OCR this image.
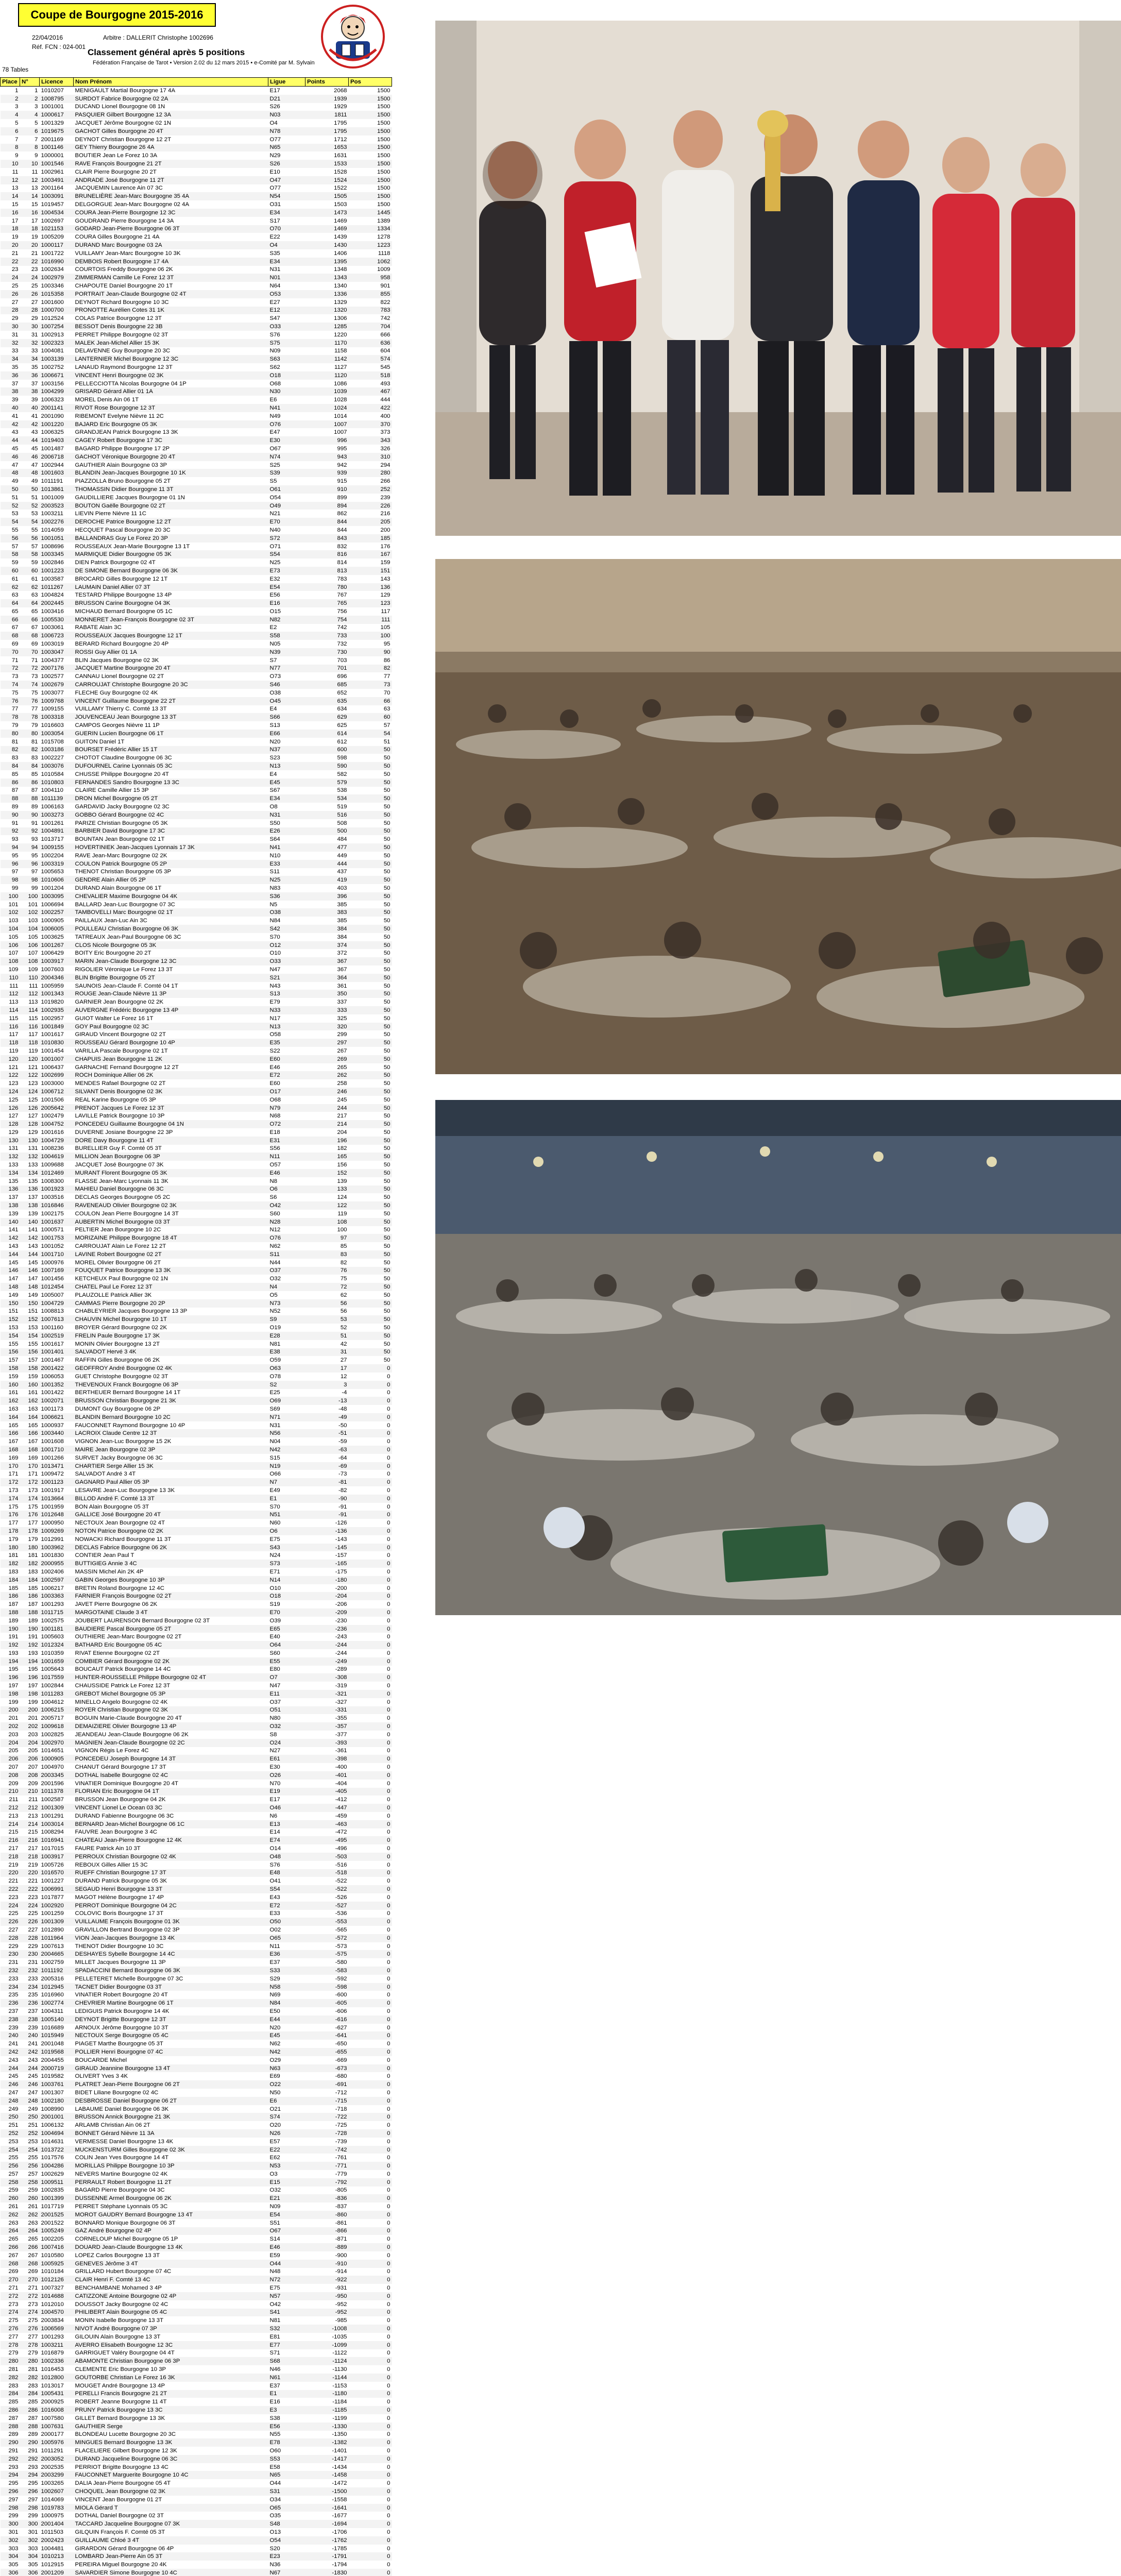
Coupe de Bourgogne 2015-2016
22/04/2016	Arbitre : DALLERIT Christophe 1002696
Réf. FCN : 024-001
78 Tables
Classement général après 5 positions
Fédération Française de Tarot • Version 2.02 du 12 mars 2015 • e-Comité par M. Sylvain
Place	N°	Licence	Nom Prénom	Ligue	Points	Pos
1	1	1010207	MENIGAULT Martial Bourgogne 17 4A	E17	2068	1500
2	2	1008795	SURDOT Fabrice Bourgogne 02 2A	D21	1939	1500
3	3	1001001	DUCAND Lionel Bourgogne 08 1N	S26	1929	1500
4	4	1000617	PASQUIER Gilbert Bourgogne 12 3A	N03	1811	1500
5	5	1001329	JACQUET Jérôme Bourgogne 02 1N	O4	1795	1500
6	6	1019675	GACHOT Gilles Bourgogne 20 4T	N78	1795	1500
7	7	2001169	DEYNOT Christian Bourgogne 12 2T	O77	1712	1500
8	8	1001146	GEY Thierry Bourgogne 26 4A	N65	1653	1500
9	9	1000001	BOUTIER Jean Le Forez 10 3A	N29	1631	1500
10	10	1001546	RAVE François Bourgogne 21 2T	S26	1533	1500
11	11	1002961	CLAIR Pierre Bourgogne 20 2T	E10	1528	1500
12	12	1003491	ANDRADE José Bourgogne 11 2T	O47	1524	1500
13	13	2001164	JACQUEMIN Laurence Ain 07 3C	O77	1522	1500
14	14	1003091	BRUNELIÈRE Jean-Marc Bourgogne 35 4A	N54	1505	1500
15	15	1019457	DELGORGUE Jean-Marc Bourgogne 02 4A	O31	1503	1500
16	16	1004534	COURA Jean-Pierre Bourgogne 12 3C	E34	1473	1445
17	17	1002697	GOUDRAND Pierre Bourgogne 14 3A	S17	1469	1389
18	18	1021153	GODARD Jean-Pierre Bourgogne 06 3T	O70	1469	1334
19	19	1005209	COURA Gilles Bourgogne 21 4A	E22	1439	1278
20	20	1000117	DURAND Marc Bourgogne 03 2A	O4	1430	1223
21	21	1001722	VUILLAMY Jean-Marc Bourgogne 10 3K	S35	1406	1118
22	22	1016990	DEMBOIS Robert Bourgogne 17 4A	E34	1395	1062
23	23	1002634	COURTOIS Freddy Bourgogne 06 2K	N31	1348	1009
24	24	1002979	ZIMMERMAN Camille Le Forez 12 3T	N01	1343	958
25	25	1003346	CHAPOUTE Daniel Bourgogne 20 1T	N64	1340	901
26	26	1015358	PORTRAIT Jean-Claude Bourgogne 02 4T	O53	1336	855
27	27	1001600	DEYNOT Richard Bourgogne 10 3C	E27	1329	822
28	28	1000700	PRONOTTE Aurélien Cotes 31 1K	E12	1320	783
29	29	1012524	COLAS Patrice Bourgogne 12 3T	S47	1306	742
30	30	1007254	BESSOT Denis Bourgogne 22 3B	O33	1285	704
31	31	1002913	PERRET Philippe Bourgogne 02 3T	S76	1220	666
32	32	1002323	MALEK Jean-Michel Allier 15 3K	S75	1170	636
33	33	1004081	DELAVENNE Guy Bourgogne 20 3C	N09	1158	604
34	34	1003139	LANTERNIER Michel Bourgogne 12 3C	S63	1142	574
35	35	1002752	LANAUD Raymond Bourgogne 12 3T	S62	1127	545
36	36	1006671	VINCENT Henri Bourgogne 02 3K	O18	1120	518
37	37	1003156	PELLECCIOTTA Nicolas Bourgogne 04 1P	O68	1086	493
38	38	1004299	GRISARD Gérard Allier 01 1A	N30	1039	467
39	39	1006323	MOREL Denis Ain 06 1T	E6	1028	444
40	40	2001141	RIVOT Rose Bourgogne 12 3T	N41	1024	422
41	41	2001090	RIBEMONT Evelyne Nièvre 11 2C	N49	1014	400
42	42	1001220	BAJARD Eric Bourgogne 05 3K	O76	1007	370
43	43	1006325	GRANDJEAN Patrick Bourgogne 13 3K	E47	1007	373
44	44	1019403	CAGEY Robert Bourgogne 17 3C	E30	996	343
45	45	1001487	BAGARD Philippe Bourgogne 17 2P	O67	995	326
46	46	2006718	GACHOT Véronique Bourgogne 20 4T	N74	943	310
47	47	1002944	GAUTHIER Alain Bourgogne 03 3P	S25	942	294
48	48	1001603	BLANDIN Jean-Jacques Bourgogne 10 1K	S39	939	280
49	49	1011191	PIAZZOLLA Bruno Bourgogne 05 2T	S5	915	266
50	50	1013861	THOMASSIN Didier Bourgogne 11 3T	O61	910	252
51	51	1001009	GAUDILLIERE Jacques Bourgogne 01 1N	O54	899	239
52	52	2003523	BOUTON Gaëlle Bourgogne 02 2T	O49	894	226
53	53	1003211	LIEVIN Pierre Nièvre 11 1C	N21	862	216
54	54	1002276	DEROCHE Patrice Bourgogne 12 2T	E70	844	205
55	55	1014059	HECQUET Pascal Bourgogne 20 3C	N40	844	200
56	56	1001051	BALLANDRAS Guy Le Forez 20 3P	S72	843	185
57	57	1008696	ROUSSEAUX Jean-Marie Bourgogne 13 1T	O71	832	176
58	58	1003345	MARMIQUE Didier Bourgogne 05 3K	S54	816	167
59	59	1002846	DIEN Patrick Bourgogne 02 4T	N25	814	159
60	60	1001223	DE SIMONE Bernard Bourgogne 06 3K	E73	813	151
61	61	1003587	BROCARD Gilles Bourgogne 12 1T	E32	783	143
62	62	1011267	LAUMAIN Daniel Allier 07 3T	E54	780	136
63	63	1004824	TESTARD Philippe Bourgogne 13 4P	E56	767	129
64	64	2002445	BRUSSON Carine Bourgogne 04 3K	E16	765	123
65	65	1003416	MICHAUD Bernard Bourgogne 05 1C	O15	756	117
66	66	1005530	MONNERET Jean-François Bourgogne 02 3T	N82	754	111
67	67	1003061	RABATE Alain 3C	E2	742	105
68	68	1006723	ROUSSEAUX Jacques Bourgogne 12 1T	S58	733	100
69	69	1003019	BERARD Richard Bourgogne 20 4P	N05	732	95
70	70	1003047	ROSSI Guy Allier 01 1A	N39	730	90
71	71	1004377	BLIN Jacques Bourgogne 02 3K	S7	703	86
72	72	2007176	JACQUET Martine Bourgogne 20 4T	N77	701	82
73	73	1002577	CANNAU Lionel Bourgogne 02 2T	O73	696	77
74	74	1002679	CARROUJAT Christophe Bourgogne 20 3C	S46	685	73
75	75	1003077	FLECHE Guy Bourgogne 02 4K	O38	652	70
76	76	1009768	VINCENT Guillaume Bourgogne 22 2T	O45	635	66
77	77	1009155	VUILLAMY Thierry C. Comté 13 3T	E4	634	63
78	78	1003318	JOUVENCEAU Jean Bourgogne 13 3T	S66	629	60
79	79	1016603	CAMPOS Georges Nièvre 11 1P	S13	625	57
80	80	1003054	GUERIN Lucien Bourgogne 06 1T	E66	614	54
81	81	1015708	GUITON Daniel 1T	N20	612	51
82	82	1003186	BOURSET Frédéric Allier 15 1T	N37	600	50
83	83	1002227	CHOTOT Claudine Bourgogne 06 3C	S23	598	50
84	84	1003076	DUFOURNEL Carine Lyonnais 05 3C	N13	590	50
85	85	1010584	CHUSSE Philippe Bourgogne 20 4T	E4	582	50
86	86	1010803	FERNANDES Sandro Bourgogne 13 3C	E45	579	50
87	87	1004110	CLAIRE Camille Allier 15 3P	S67	538	50
88	88	1011139	DRON Michel Bourgogne 05 2T	E34	534	50
89	89	1006163	GARDAVID Jacky Bourgogne 02 3C	O8	519	50
90	90	1003273	GOBBO Gérard Bourgogne 02 4C	N31	516	50
91	91	1001261	PARIZE Christian Bourgogne 05 3K	S50	508	50
92	92	1004891	BARBIER David Bourgogne 17 3C	E26	500	50
93	93	1013717	BOUNTAN Jean Bourgogne 02 1T	S64	484	50
94	94	1009155	HOVERTINIEK Jean-Jacques Lyonnais 17 3K	N41	477	50
95	95	1002204	RAVE Jean-Marc Bourgogne 02 2K	N10	449	50
96	96	1003319	COULON Patrick Bourgogne 05 2P	E33	444	50
97	97	1005653	THENOT Christian Bourgogne 05 3P	S11	437	50
98	98	1010606	GENDRE Alain Allier 05 2P	N25	419	50
99	99	1001204	DURAND Alain Bourgogne 06 1T	N83	403	50
100	100	1003095	CHEVALIER Maxime Bourgogne 04 4K	S36	396	50
101	101	1006694	BALLARD Jean-Luc Bourgogne 07 3C	N5	385	50
102	102	1002257	TAMBOVELLI Marc Bourgogne 02 1T	O38	383	50
103	103	1000905	PAILLAUX Jean-Luc Ain 3C	N84	385	50
104	104	1006005	POULLEAU Christian Bourgogne 06 3K	S42	384	50
105	105	1003625	TATREAUX Jean-Paul Bourgogne 06 3C	S70	384	50
106	106	1001267	CLOS Nicole Bourgogne 05 3K	O12	374	50
107	107	1006429	BOITY Eric Bourgogne 20 2T	O10	372	50
108	108	1003917	MARIN Jean-Claude Bourgogne 12 3C	O33	367	50
109	109	1007603	RIGOLIER Véronique Le Forez 13 3T	N47	367	50
110	110	2004346	BLIN Brigitte Bourgogne 05 2T	S21	364	50
111	111	1005959	SAUNOIS Jean-Claude F. Comté 04 1T	N43	361	50
112	112	1001343	ROUGE Jean-Claude Nièvre 11 3P	S13	350	50
113	113	1019820	GARNIER Jean Bourgogne 02 2K	E79	337	50
114	114	1002935	AUVERGNE Frédéric Bourgogne 13 4P	N33	333	50
115	115	1002957	GUIOT Walter Le Forez 16 1T	N17	325	50
116	116	1001849	GOY Paul Bourgogne 02 3C	N13	320	50
117	117	1001617	GIRAUD Vincent Bourgogne 02 2T	O58	299	50
118	118	1010830	ROUSSEAU Gérard Bourgogne 10 4P	E35	297	50
119	119	1001454	VARILLA Pascale Bourgogne 02 1T	S22	267	50
120	120	1001007	CHAPUIS Jean Bourgogne 11 2K	E60	269	50
121	121	1006437	GARNACHE Fernand Bourgogne 12 2T	E46	265	50
122	122	1002699	ROCH Dominique Allier 06 2K	E72	262	50
123	123	1003000	MENDES Rafael Bourgogne 02 2T	E60	258	50
124	124	1006712	SILVANT Denis Bourgogne 02 3K	O17	246	50
125	125	1001506	REAL Karine Bourgogne 05 3P	O68	245	50
126	126	2005642	PRENOT Jacques Le Forez 12 3T	N79	244	50
127	127	1002479	LAVILLE Patrick Bourgogne 10 3P	N68	217	50
128	128	1004752	PONCEDEU Guillaume Bourgogne 04 1N	O72	214	50
129	129	1001616	DUVERNE Josiane Bourgogne 22 3P	E18	204	50
130	130	1004729	DORE Davy Bourgogne 11 4T	E31	196	50
131	131	1008236	BURELLIER Guy F. Comté 05 3T	S56	182	50
132	132	1004619	MILLION Jean Bourgogne 06 3P	N11	165	50
133	133	1009688	JACQUET José Bourgogne 07 3K	O57	156	50
134	134	1012469	MURANT Florent Bourgogne 05 3K	E46	152	50
135	135	1008300	FLASSE Jean-Marc Lyonnais 11 3K	N8	139	50
136	136	1001923	MAHIEU Daniel Bourgogne 06 3C	O6	133	50
137	137	1003516	DECLAS Georges Bourgogne 05 2C	S6	124	50
138	138	1016846	RAVENEAUD Olivier Bourgogne 02 3K	O42	122	50
139	139	1002175	COULON Jean Pierre Bourgogne 14 3T	S60	119	50
140	140	1001637	AUBERTIN Michel Bourgogne 03 3T	N28	108	50
141	141	1000571	PELTIER Jean Bourgogne 10 2C	N12	100	50
142	142	1001753	MORIZAINE Philippe Bourgogne 18 4T	O76	97	50
143	143	1001052	CARROUJAT Alain Le Forez 12 2T	N62	85	50
144	144	1001710	LAVINE Robert Bourgogne 02 2T	S11	83	50
145	145	1000976	MOREL Olivier Bourgogne 06 2T	N44	82	50
146	146	1007169	FOUQUET Patrice Bourgogne 13 3K	O37	76	50
147	147	1001456	KETCHEUX Paul Bourgogne 02 1N	O32	75	50
148	148	1012454	CHATEL Paul Le Forez 12 3T	N4	72	50
149	149	1005007	PLAUZOLLE Patrick Allier 3K	O5	62	50
150	150	1004729	CAMMAS Pierre Bourgogne 20 2P	N73	56	50
151	151	1008813	CHABLEYRIER Jacques Bourgogne 13 3P	N52	56	50
152	152	1007613	CHAUVIN Michel Bourgogne 10 1T	S9	53	50
153	153	1001160	BROYER Gérard Bourgogne 02 2K	O19	52	50
154	154	1002519	FRELIN Paule Bourgogne 17 3K	E28	51	50
155	155	1001617	MONIN Olivier Bourgogne 13 2T	N81	42	50
156	156	1001401	SALVADOT Hervé 3 4K	E38	31	50
157	157	1001467	RAFFIN Gilles Bourgogne 06 2K	O59	27	50
158	158	2001422	GEOFFROY André Bourgogne 02 4K	O63	17	0
159	159	1006053	GUET Christophe Bourgogne 02 3T	O78	12	0
160	160	1001352	THEVENOUX Franck Bourgogne 06 3P	S2	3	0
161	161	1001422	BERTHEUER Bernard Bourgogne 14 1T	E25	-4	0
162	162	1002071	BRUSSON Christian Bourgogne 21 3K	O69	-13	0
163	163	1001173	DUMONT Guy Bourgogne 06 2P	S69	-48	0
164	164	1006621	BLANDIN Bernard Bourgogne 10 2C	N71	-49	0
165	165	1000937	FAUCONNET Raymond Bourgogne 10 4P	N31	-50	0
166	166	1003440	LACROIX Claude Centre 12 3T	N56	-51	0
167	167	1001608	VIGNON Jean-Luc Bourgogne 15 2K	N04	-59	0
168	168	1001710	MAIRE Jean Bourgogne 02 3P	N42	-63	0
169	169	1001266	SURVET Jacky Bourgogne 06 3C	S15	-64	0
170	170	1013471	CHARTIER Serge Allier 15 3K	N19	-69	0
171	171	1009472	SALVADOT André 3 4T	O66	-73	0
172	172	1001123	GAGNARD Paul Allier 05 3P	N7	-81	0
173	173	1001917	LESAVRE Jean-Luc Bourgogne 13 3K	E49	-82	0
174	174	1013664	BILLOD André F. Comté 13 3T	E1	-90	0
175	175	1001959	BON Alain Bourgogne 05 3T	S70	-91	0
176	176	1012648	GALLICE José Bourgogne 20 4T	N51	-91	0
177	177	1000950	NECTOUX Jean Bourgogne 02 4T	N60	-126	0
178	178	1009269	NOTON Patrice Bourgogne 02 2K	O6	-136	0
179	179	1012991	NOWACKI Richard Bourgogne 11 3T	E75	-143	0
180	180	1003962	DECLAS Fabrice Bourgogne 06 2K	S43	-145	0
181	181	1001830	CONTIER Jean Paul T	N24	-157	0
182	182	2000955	BUTTIGIEG Annie 3 4C	S73	-165	0
183	183	1002406	MASSIN Michel Ain 2K 4P	E71	-175	0
184	184	1002597	GABIN Georges Bourgogne 10 3P	N14	-180	0
185	185	1006217	BRETIN Roland Bourgogne 12 4C	O10	-200	0
186	186	1003363	FARNIER François Bourgogne 02 2T	O18	-204	0
187	187	1001293	JAVET Pierre Bourgogne 06 2K	S19	-206	0
188	188	1011715	MARGOTAINE Claude 3 4T	E70	-209	0
189	189	1002575	JOUBERT LAURENSON Bernard Bourgogne 02 3T	O39	-230	0
190	190	1001181	BAUDIERE Pascal Bourgogne 05 2T	E65	-236	0
191	191	1005603	OUTHIERE Jean-Marc Bourgogne 02 2T	E40	-243	0
192	192	1012324	BATHARD Eric Bourgogne 05 4C	O64	-244	0
193	193	1010359	RIVAT Etienne Bourgogne 02 2T	S60	-244	0
194	194	1001659	COMBIER Gérard Bourgogne 02 2K	E55	-249	0
195	195	1005643	BOUCAUT Patrick Bourgogne 14 4C	E80	-289	0
196	196	1017559	HUNTER-ROUSSELLE Philippe Bourgogne 02 4T	O7	-308	0
197	197	1002844	CHAUSSIDE Patrick Le Forez 12 3T	N47	-319	0
198	198	1011283	GREBOT Michel Bourgogne 05 3P	E11	-321	0
199	199	1004612	MINELLO Angelo Bourgogne 02 4K	O37	-327	0
200	200	1006215	ROYER Christian Bourgogne 02 3K	O51	-331	0
201	201	2005717	BOGUIN Marie-Claude Bourgogne 20 4T	N80	-355	0
202	202	1009618	DEMAIZIERE Olivier Bourgogne 13 4P	O32	-357	0
203	203	1002825	JEANDEAU Jean-Claude Bourgogne 06 2K	S8	-377	0
204	204	1002970	MAGNIEN Jean-Claude Bourgogne 02 2C	O24	-393	0
205	205	1014651	VIGNON Régis Le Forez 4C	N27	-361	0
206	206	1000905	PONCEDEU Joseph Bourgogne 14 3T	E61	-398	0
207	207	1004970	CHANUT Gérard Bourgogne 17 3T	E30	-400	0
208	208	2003345	DOTHAL Isabelle Bourgogne 02 4C	O26	-401	0
209	209	2001596	VINATIER Dominique Bourgogne 20 4T	N70	-404	0
210	210	1011378	FLORIAN Eric Bourgogne 04 1T	E19	-405	0
211	211	1002587	BRUSSON Jean Bourgogne 04 2K	E17	-412	0
212	212	1001309	VINCENT Lionel Le Ocean 03 3C	O46	-447	0
213	213	1001291	DURAND Fabienne Bourgogne 06 3C	N6	-459	0
214	214	1003014	BERNARD Jean-Michel Bourgogne 06 1C	E13	-463	0
215	215	1008294	FAUVRE Jean Bourgogne 3 4C	E14	-472	0
216	216	1016941	CHATEAU Jean-Pierre Bourgogne 12 4K	E74	-495	0
217	217	1017015	FAURE Patrick Ain 10 3T	O14	-496	0
218	218	1003917	PERROUX Christian Bourgogne 02 4K	O48	-503	0
219	219	1005726	REBOUX Gilles Allier 15 3C	S76	-516	0
220	220	1016570	RUEFF Christian Bourgogne 17 3T	E48	-518	0
221	221	1001227	DURAND Patrick Bourgogne 05 3K	O41	-522	0
222	222	1006991	SEGAUD Henri Bourgogne 13 3T	S54	-522	0
223	223	1017877	MAGOT Hélène Bourgogne 17 4P	E43	-526	0
224	224	1002920	PERROT Dominique Bourgogne 04 2C	E72	-527	0
225	225	1001259	COLOVIC Boris Bourgogne 17 3T	E33	-536	0
226	226	1001309	VUILLAUME François Bourgogne 01 3K	O50	-553	0
227	227	1012890	GRAVILLON Bertrand Bourgogne 02 3P	O02	-565	0
228	228	1011964	VION Jean-Jacques Bourgogne 13 4K	O65	-572	0
229	229	1007613	THENOT Didier Bourgogne 10 3C	N11	-573	0
230	230	2004665	DESHAYES Sybelle Bourgogne 14 4C	E36	-575	0
231	231	1002759	MILLET Jacques Bourgogne 11 3P	E37	-580	0
232	232	1011192	SPADACCINI Bernard Bourgogne 06 3K	S33	-583	0
233	233	2005316	PELLETERET Michelle Bourgogne 07 3C	S29	-592	0
234	234	1012945	TACNET Didier Bourgogne 03 3T	N58	-598	0
235	235	1016960	VINATIER Robert Bourgogne 20 4T	N69	-600	0
236	236	1002774	CHEVRIER Martine Bourgogne 06 1T	N84	-605	0
237	237	1004311	LEDIGUIS Patrick Bourgogne 14 4K	E50	-606	0
238	238	1005140	DEYNOT Brigitte Bourgogne 12 3T	E44	-616	0
239	239	1016689	ARNOUX Jérôme Bourgogne 10 3T	N20	-627	0
240	240	1015949	NECTOUX Serge Bourgogne 05 4C	E45	-641	0
241	241	2001048	PIAGET Marthe Bourgogne 05 3T	N62	-650	0
242	242	1019568	POLLIER Henri Bourgogne 07 4C	N42	-655	0
243	243	2004455	BOUCARDE Michel	O29	-669	0
244	244	2000719	GIRAUD Jeannine Bourgogne 13 4T	N63	-673	0
245	245	1019582	OLIVERT Yves 3 4K	E69	-680	0
246	246	1003761	PLATRET Jean-Pierre Bourgogne 06 2T	O22	-691	0
247	247	1001307	BIDET Liliane Bourgogne 02 4C	N50	-712	0
248	248	1002180	DESBROSSE Daniel Bourgogne 06 2T	E6	-715	0
249	249	1008990	LABAUME Daniel Bourgogne 06 3K	O21	-718	0
250	250	2001001	BRUSSON Annick Bourgogne 21 3K	S74	-722	0
251	251	1006132	ARLAMB Christian Ain 06 2T	O20	-725	0
252	252	1004694	BONNET Gérard Nièvre 11 3A	N26	-728	0
253	253	1014631	VERMESSE Daniel Bourgogne 13 4K	E57	-739	0
254	254	1013722	MUCKENSTURM Gilles Bourgogne 02 3K	E22	-742	0
255	255	1017576	COLIN Jean Yves Bourgogne 14 4T	E62	-761	0
256	256	1004286	MORILLAS Philippe Bourgogne 10 3P	N53	-771	0
257	257	1002629	NEVERS Martine Bourgogne 02 4K	O3	-779	0
258	258	1009511	PERRAULT Robert Bourgogne 11 2T	E15	-792	0
259	259	1002835	BAGARD Pierre Bourgogne 04 3C	O32	-805	0
260	260	1001399	DUSSENNE Armel Bourgogne 06 2K	E21	-836	0
261	261	1017719	PERRET Stéphane Lyonnais 05 3C	N09	-837	0
262	262	2001525	MOROT GAUDRY Bernard Bourgogne 13 4T	E54	-860	0
263	263	2001522	BONNARD Monique Bourgogne 06 3T	S51	-861	0
264	264	1005249	GAZ André Bourgogne 02 4P	O67	-866	0
265	265	1002205	CORNELOUP Michel Bourgogne 05 1P	S14	-871	0
266	266	1007416	DOUARD Jean-Claude Bourgogne 13 4K	E46	-889	0
267	267	1010580	LOPEZ Carlos Bourgogne 13 3T	E59	-900	0
268	268	1005925	GENEVES Jérôme 3 4T	O44	-910	0
269	269	1010184	GRILLARD Hubert Bourgogne 07 4C	N48	-914	0
270	270	1012126	CLAIR Henri F. Comté 13 4C	N72	-922	0
271	271	1007327	BENCHAMBANE Mohamed 3 4P	E75	-931	0
272	272	1014688	CATIZZONE Antoine Bourgogne 02 4P	N57	-950	0
273	273	1012010	DOUSSOT Jacky Bourgogne 02 4C	O42	-952	0
274	274	1004570	PHILIBERT Alain Bourgogne 05 4C	S41	-952	0
275	275	2003834	MONIN Isabelle Bourgogne 13 3T	N81	-985	0
276	276	1006569	NIVOT André Bourgogne 07 3P	S32	-1008	0
277	277	1001293	GILOUIN Alain Bourgogne 13 3T	E81	-1035	0
278	278	1003211	AVERRO Elisabeth Bourgogne 12 3C	E77	-1099	0
279	279	1016879	GARRIGUET Valéry Bourgogne 04 4T	S71	-1122	0
280	280	1002336	ABAMONTE Christian Bourgogne 06 3P	S68	-1124	0
281	281	1016453	CLEMENTE Eric Bourgogne 10 3P	N46	-1130	0
282	282	1012800	GOUTORBE Christian Le Forez 16 3K	N61	-1144	0
283	283	1013017	MOUGET André Bourgogne 13 4P	E37	-1153	0
284	284	1005431	PERELLI Francis Bourgogne 21 2T	E1	-1180	0
285	285	2000925	ROBERT Jeanne Bourgogne 11 4T	E16	-1184	0
286	286	1016008	PRUNY Patrick Bourgogne 13 3C	E3	-1185	0
287	287	1007580	GILLET Bernard Bourgogne 13 3K	S38	-1199	0
288	288	1007631	GAUTHIER Serge	E56	-1330	0
289	289	2000177	BLONDEAU Lucette Bourgogne 20 3C	N55	-1350	0
290	290	1005976	MINGUES Bernard Bourgogne 13 3K	E78	-1382	0
291	291	1011291	FLACELIERE Gilbert Bourgogne 12 3K	O60	-1401	0
292	292	2003052	DURAND Jacqueline Bourgogne 06 3C	S53	-1417	0
293	293	2002535	PERRIOT Brigitte Bourgogne 13 4C	E58	-1434	0
294	294	2003299	FAUCONNET Marguerite Bourgogne 10 4C	N65	-1458	0
295	295	1003265	DALIA Jean-Pierre Bourgogne 05 4T	O44	-1472	0
296	296	1002607	CHOQUEL Jean Bourgogne 02 3K	S31	-1500	0
297	297	1014069	VINCENT Jean Bourgogne 01 2T	O34	-1558	0
298	298	1019783	MIOLA Gérard T	O65	-1641	0
299	299	1000975	DOTHAL Daniel Bourgogne 02 3T	O35	-1677	0
300	300	2001404	TACCARD Jacqueline Bourgogne 07 3K	S48	-1694	0
301	301	1011503	GILQUIN François F. Comté 05 3T	O13	-1706	0
302	302	2002423	GUILLAUME Chloé 3 4T	O54	-1762	0
303	303	1004481	GIRARDON Gérard Bourgogne 06 4P	S20	-1785	0
304	304	1010213	LOMBARD Jean-Pierre Ain 05 3T	E23	-1791	0
305	305	1012915	PEREIRA Miguel Bourgogne 20 4K	N36	-1794	0
306	306	2001209	SAVARDIER Simone Bourgogne 10 4C	N67	-1830	0
